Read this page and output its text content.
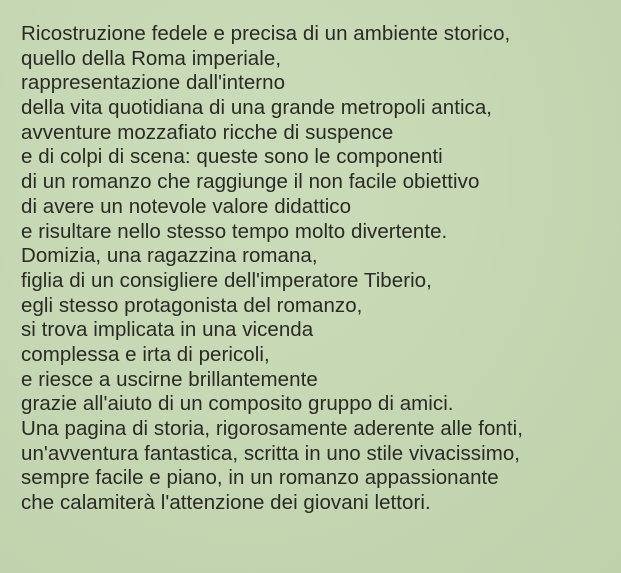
Ricostruzione fedele e precisa di un ambiente storico,
quello della Roma imperiale,
rappresentazione dall'interno
della vita quotidiana di una grande metropoli antica,
avventure mozzafiato ricche di suspence
e di colpi di scena: queste sono le componenti
di un romanzo che raggiunge il non facile obiettivo
di avere un notevole valore didattico
e risultare nello stesso tempo molto divertente.
Domizia, una ragazzina romana,
figlia di un consigliere dell'imperatore Tiberio,
egli stesso protagonista del romanzo,
si trova implicata in una vicenda
complessa e irta di pericoli,
e riesce a uscirne brillantemente
grazie all'aiuto di un composito gruppo di amici.
Una pagina di storia, rigorosamente aderente alle fonti,
un'avventura fantastica, scritta in uno stile vivacissimo,
sempre facile e piano, in un romanzo appassionante
che calamiterà l'attenzione dei giovani lettori.
